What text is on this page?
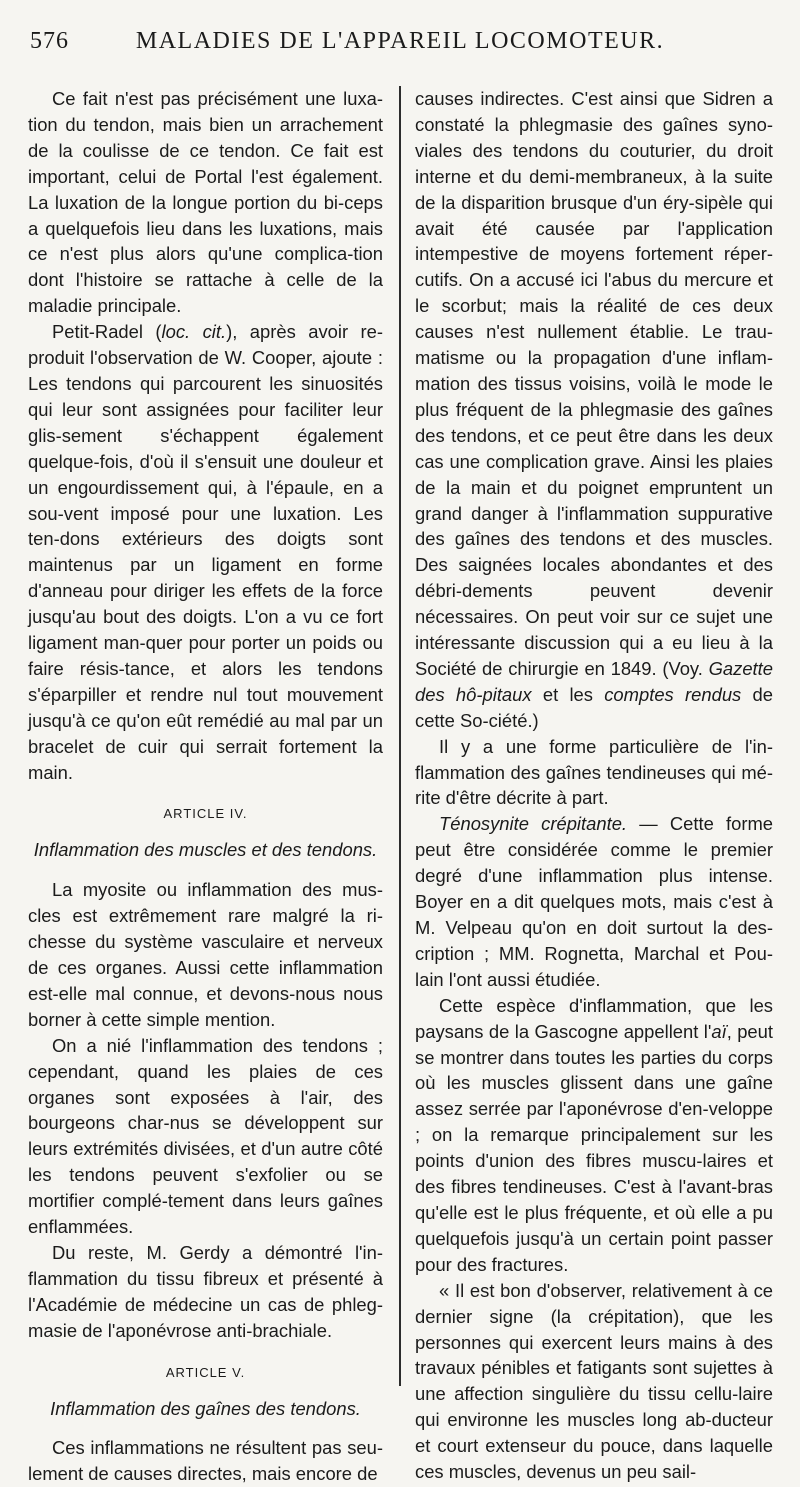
576	MALADIES DE L'APPAREIL LOCOMOTEUR.

Ce fait n'est pas précisément une luxa-tion du tendon, mais bien un arrachement de la coulisse de ce tendon. Ce fait est important, celui de Portal l'est également. La luxation de la longue portion du bi-ceps a quelquefois lieu dans les luxations, mais ce n'est plus alors qu'une complica-tion dont l'histoire se rattache à celle de la maladie principale.

Petit-Radel (loc. cit.), après avoir re-produit l'observation de W. Cooper, ajoute : Les tendons qui parcourent les sinuosités qui leur sont assignées pour faciliter leur glis-sement s'échappent également quelque-fois, d'où il s'ensuit une douleur et un engourdissement qui, à l'épaule, en a sou-vent imposé pour une luxation. Les ten-dons extérieurs des doigts sont maintenus par un ligament en forme d'anneau pour diriger les effets de la force jusqu'au bout des doigts. L'on a vu ce fort ligament man-quer pour porter un poids ou faire résis-tance, et alors les tendons s'éparpiller et rendre nul tout mouvement jusqu'à ce qu'on eût remédié au mal par un bracelet de cuir qui serrait fortement la main.

ARTICLE IV.
Inflammation des muscles et des tendons.

La myosite ou inflammation des mus-cles est extrêmement rare malgré la ri-chesse du système vasculaire et nerveux de ces organes. Aussi cette inflammation est-elle mal connue, et devons-nous nous borner à cette simple mention.

On a nié l'inflammation des tendons ; cependant, quand les plaies de ces organes sont exposées à l'air, des bourgeons char-nus se développent sur leurs extrémités divisées, et d'un autre côté les tendons peuvent s'exfolier ou se mortifier complé-tement dans leurs gaînes enflammées.

Du reste, M. Gerdy a démontré l'in-flammation du tissu fibreux et présenté à l'Académie de médecine un cas de phleg-masie de l'aponévrose anti-brachiale.

ARTICLE V.
Inflammation des gaînes des tendons.

Ces inflammations ne résultent pas seu-lement de causes directes, mais encore de

causes indirectes. C'est ainsi que Sidren a constaté la phlegmasie des gaînes syno-viales des tendons du couturier, du droit interne et du demi-membraneux, à la suite de la disparition brusque d'un éry-sipèle qui avait été causée par l'application intempestive de moyens fortement réper-cutifs. On a accusé ici l'abus du mercure et le scorbut; mais la réalité de ces deux causes n'est nullement établie. Le trau-matisme ou la propagation d'une inflam-mation des tissus voisins, voilà le mode le plus fréquent de la phlegmasie des gaînes des tendons, et ce peut être dans les deux cas une complication grave. Ainsi les plaies de la main et du poignet empruntent un grand danger à l'inflammation suppurative des gaînes des tendons et des muscles. Des saignées locales abondantes et des débri-dements peuvent devenir nécessaires. On peut voir sur ce sujet une intéressante discussion qui a eu lieu à la Société de chirurgie en 1849. (Voy. Gazette des hô-pitaux et les comptes rendus de cette So-ciété.)

Il y a une forme particulière de l'in-flammation des gaînes tendineuses qui mé-rite d'être décrite à part.

Ténosynite crépitante. — Cette forme peut être considérée comme le premier degré d'une inflammation plus intense. Boyer en a dit quelques mots, mais c'est à M. Velpeau qu'on en doit surtout la des-cription ; MM. Rognetta, Marchal et Pou-lain l'ont aussi étudiée.

Cette espèce d'inflammation, que les paysans de la Gascogne appellent l'aï, peut se montrer dans toutes les parties du corps où les muscles glissent dans une gaîne assez serrée par l'aponévrose d'en-veloppe ; on la remarque principalement sur les points d'union des fibres muscu-laires et des fibres tendineuses. C'est à l'avant-bras qu'elle est le plus fréquente, et où elle a pu quelquefois jusqu'à un certain point passer pour des fractures.

« Il est bon d'observer, relativement à ce dernier signe (la crépitation), que les personnes qui exercent leurs mains à des travaux pénibles et fatigants sont sujettes à une affection singulière du tissu cellu-laire qui environne les muscles long ab-ducteur et court extenseur du pouce, dans laquelle ces muscles, devenus un peu sail-
